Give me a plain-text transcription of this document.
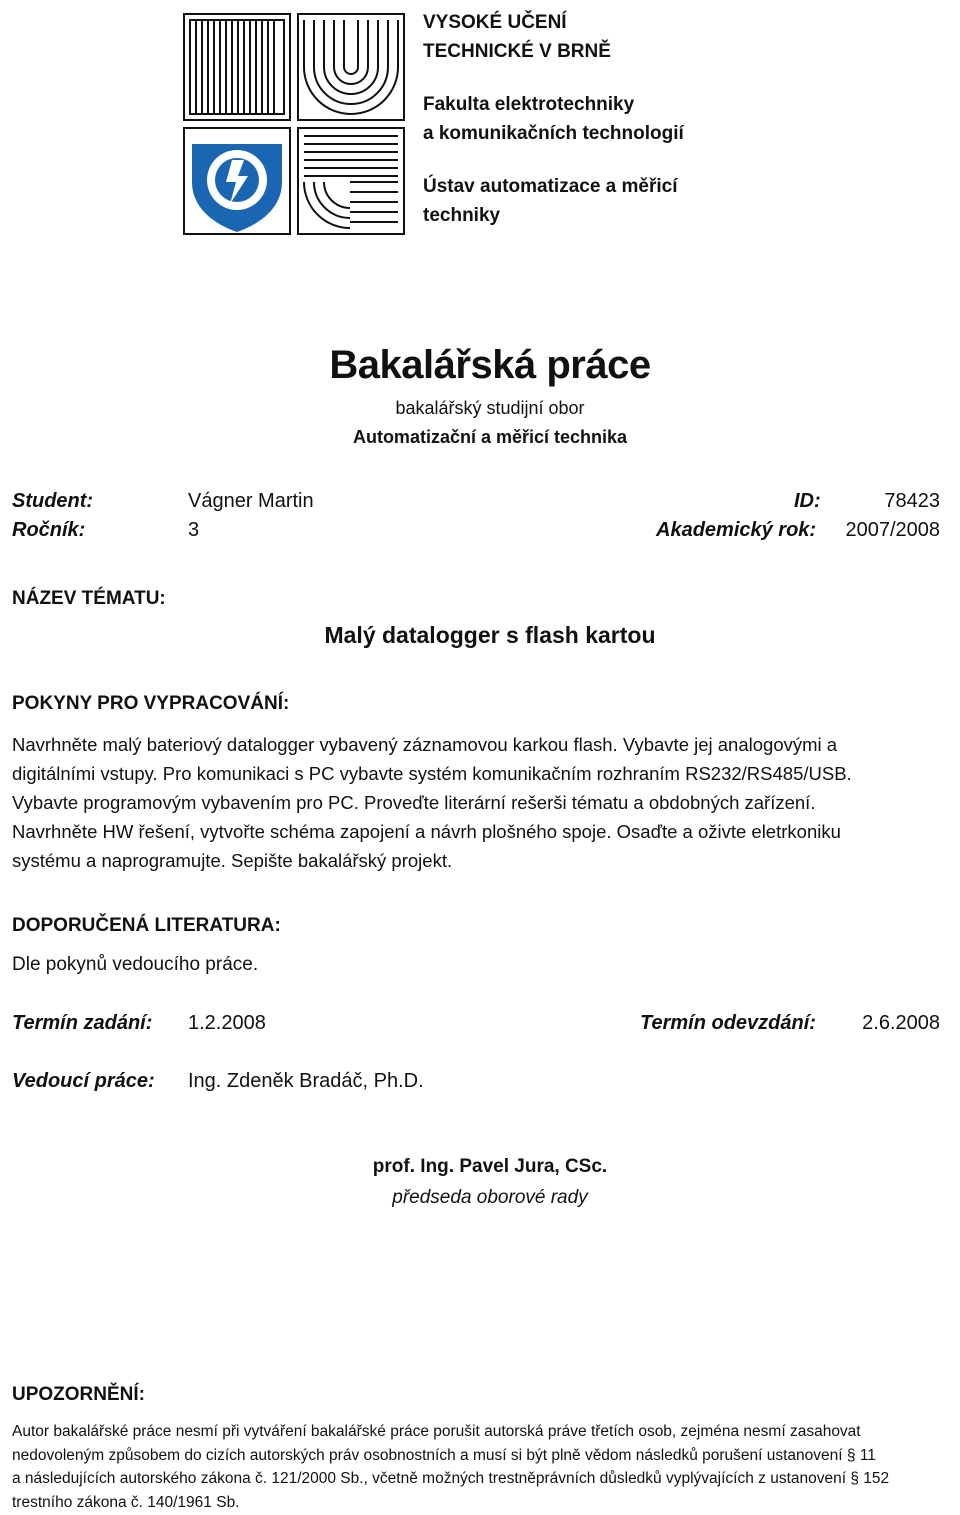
VYSOKÉ UČENÍ
TECHNICKÉ V BRNĚ
Fakulta elektrotechniky
a komunikačních technologií
Ústav automatizace a měřicí
techniky
Bakalářská práce
bakalářský studijní obor
Automatizační a měřicí technika
Student:	Vágner Martin	ID:	78423
Ročník:	3	Akademický rok: 2007/2008
NÁZEV TÉMATU:
Malý datalogger s flash kartou
POKYNY PRO VYPRACOVÁNÍ:
Navrhněte malý bateriový datalogger vybavený záznamovou karkou flash. Vybavte jej analogovými a
digitálními vstupy. Pro komunikaci s PC vybavte systém komunikačním rozhraním RS232/RS485/USB.
Vybavte programovým vybavením pro PC. Proveďte literární rešerši tématu a obdobných zařízení.
Navrhněte HW řešení, vytvořte schéma zapojení a návrh plošného spoje. Osaďte a oživte eletrkoniku
systému a naprogramujte. Sepište bakalářský projekt.
DOPORUČENÁ LITERATURA:
Dle pokynů vedoucího práce.
Termín zadání: 1.2.2008	Termín odevzdání: 2.6.2008
Vedoucí práce: Ing. Zdeněk Bradáč, Ph.D.
prof. Ing. Pavel Jura, CSc.
předseda oborové rady
UPOZORNĚNÍ:
Autor bakalářské práce nesmí při vytváření bakalářské práce porušit autorská práve třetích osob, zejména nesmí zasahovat
nedovoleným způsobem do cizích autorských práv osobnostních a musí si být plně vědom následků porušení ustanovení § 11
a následujících autorského zákona č. 121/2000 Sb., včetně možných trestněprávních důsledků vyplývajících z ustanovení § 152
trestního zákona č. 140/1961 Sb.
